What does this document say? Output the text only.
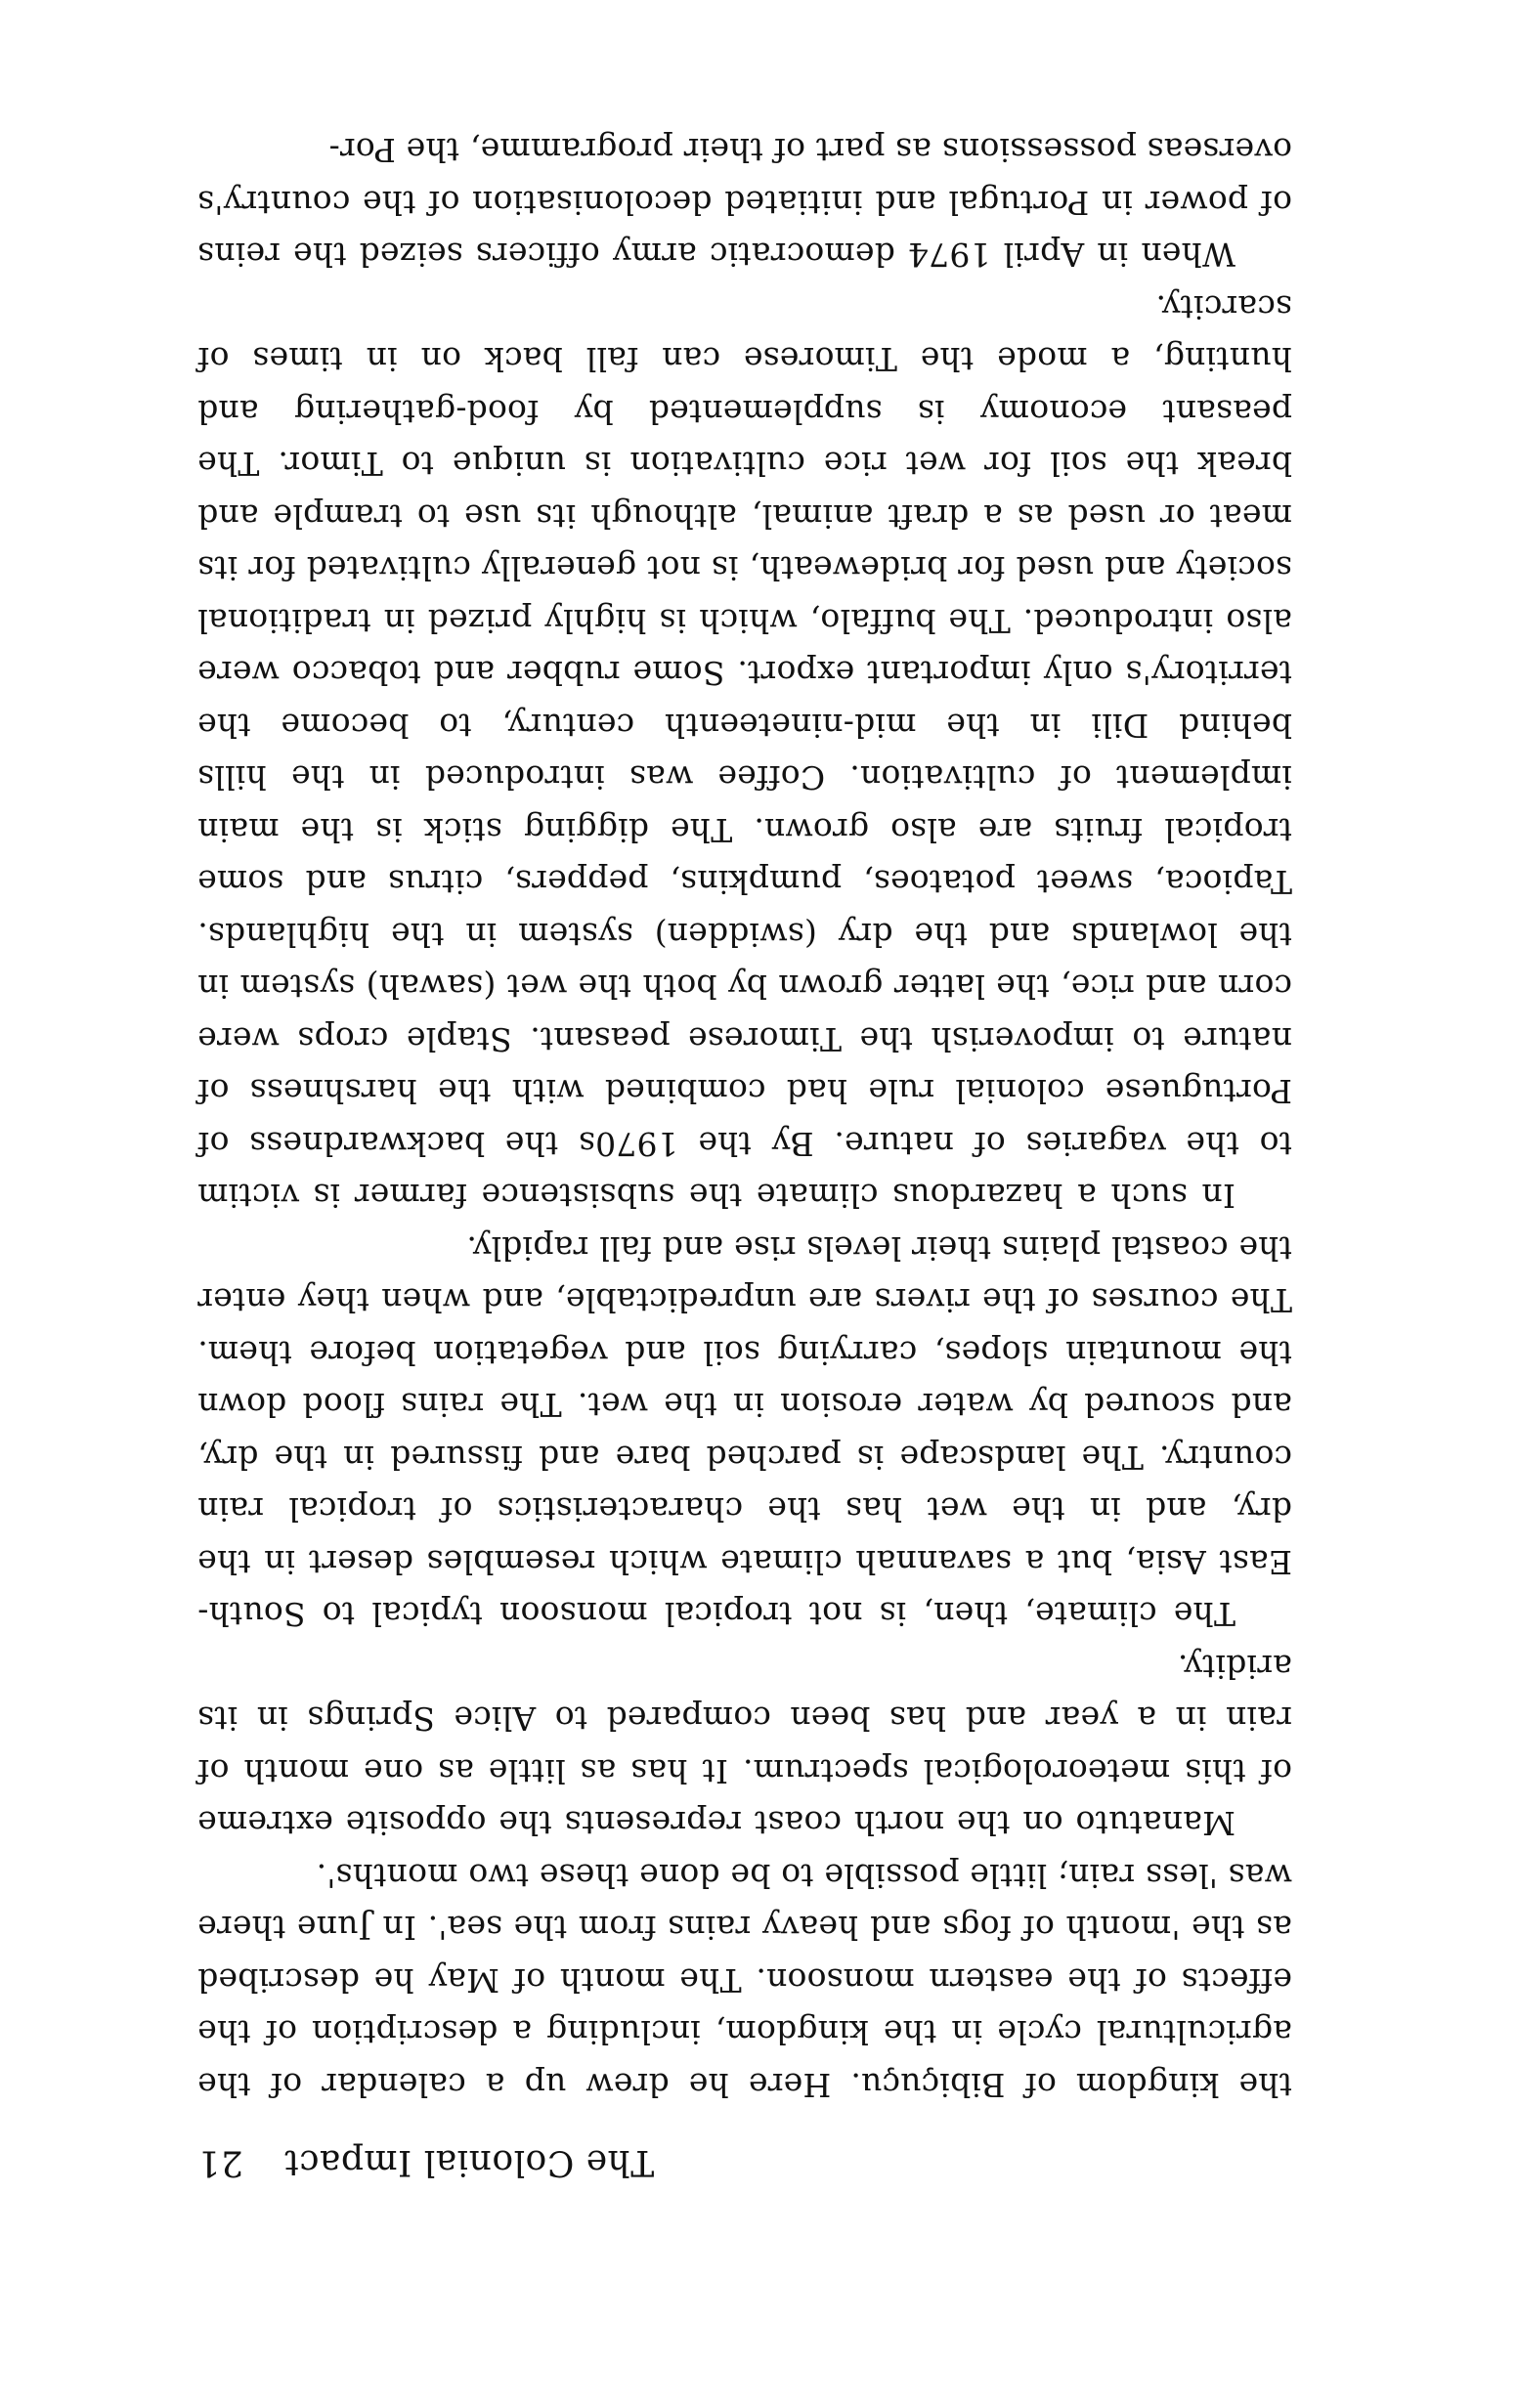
The Colonial Impact
21

the kingdom of Bibiçuçu. Here he drew up a calendar of the agricultural cycle in the kingdom, including a description of the effects of the eastern monsoon. The month of May he described as the 'month of fogs and heavy rains from the sea'. In June there was 'less rain; little possible to be done these two months'.

Manatuto on the north coast represents the opposite extreme of this meteorological spectrum. It has as little as one month of rain in a year and has been compared to Alice Springs in its aridity.

The climate, then, is not tropical monsoon typical to South-East Asia, but a savannah climate which resembles desert in the dry, and in the wet has the characteristics of tropical rain country. The landscape is parched bare and fissured in the dry, and scoured by water erosion in the wet. The rains flood down the mountain slopes, carrying soil and vegetation before them. The courses of the rivers are unpredictable, and when they enter the coastal plains their levels rise and fall rapidly.

In such a hazardous climate the subsistence farmer is victim to the vagaries of nature. By the 1970s the backwardness of Portuguese colonial rule had combined with the harshness of nature to impoverish the Timorese peasant. Staple crops were corn and rice, the latter grown by both the wet (sawah) system in the lowlands and the dry (swidden) system in the highlands. Tapioca, sweet potatoes, pumpkins, peppers, citrus and some tropical fruits are also grown. The digging stick is the main implement of cultivation. Coffee was introduced in the hills behind Dili in the mid-nineteenth century, to become the territory's only important export. Some rubber and tobacco were also introduced. The buffalo, which is highly prized in traditional society and used for brideweath, is not generally cultivated for its meat or used as a draft animal, although its use to trample and break the soil for wet rice cultivation is unique to Timor. The peasant economy is supplemented by food-gathering and hunting, a mode the Timorese can fall back on in times of scarcity.

When in April 1974 democratic army officers seized the reins of power in Portugal and initiated decolonisation of the country's overseas possessions as part of their programme, the Por-
